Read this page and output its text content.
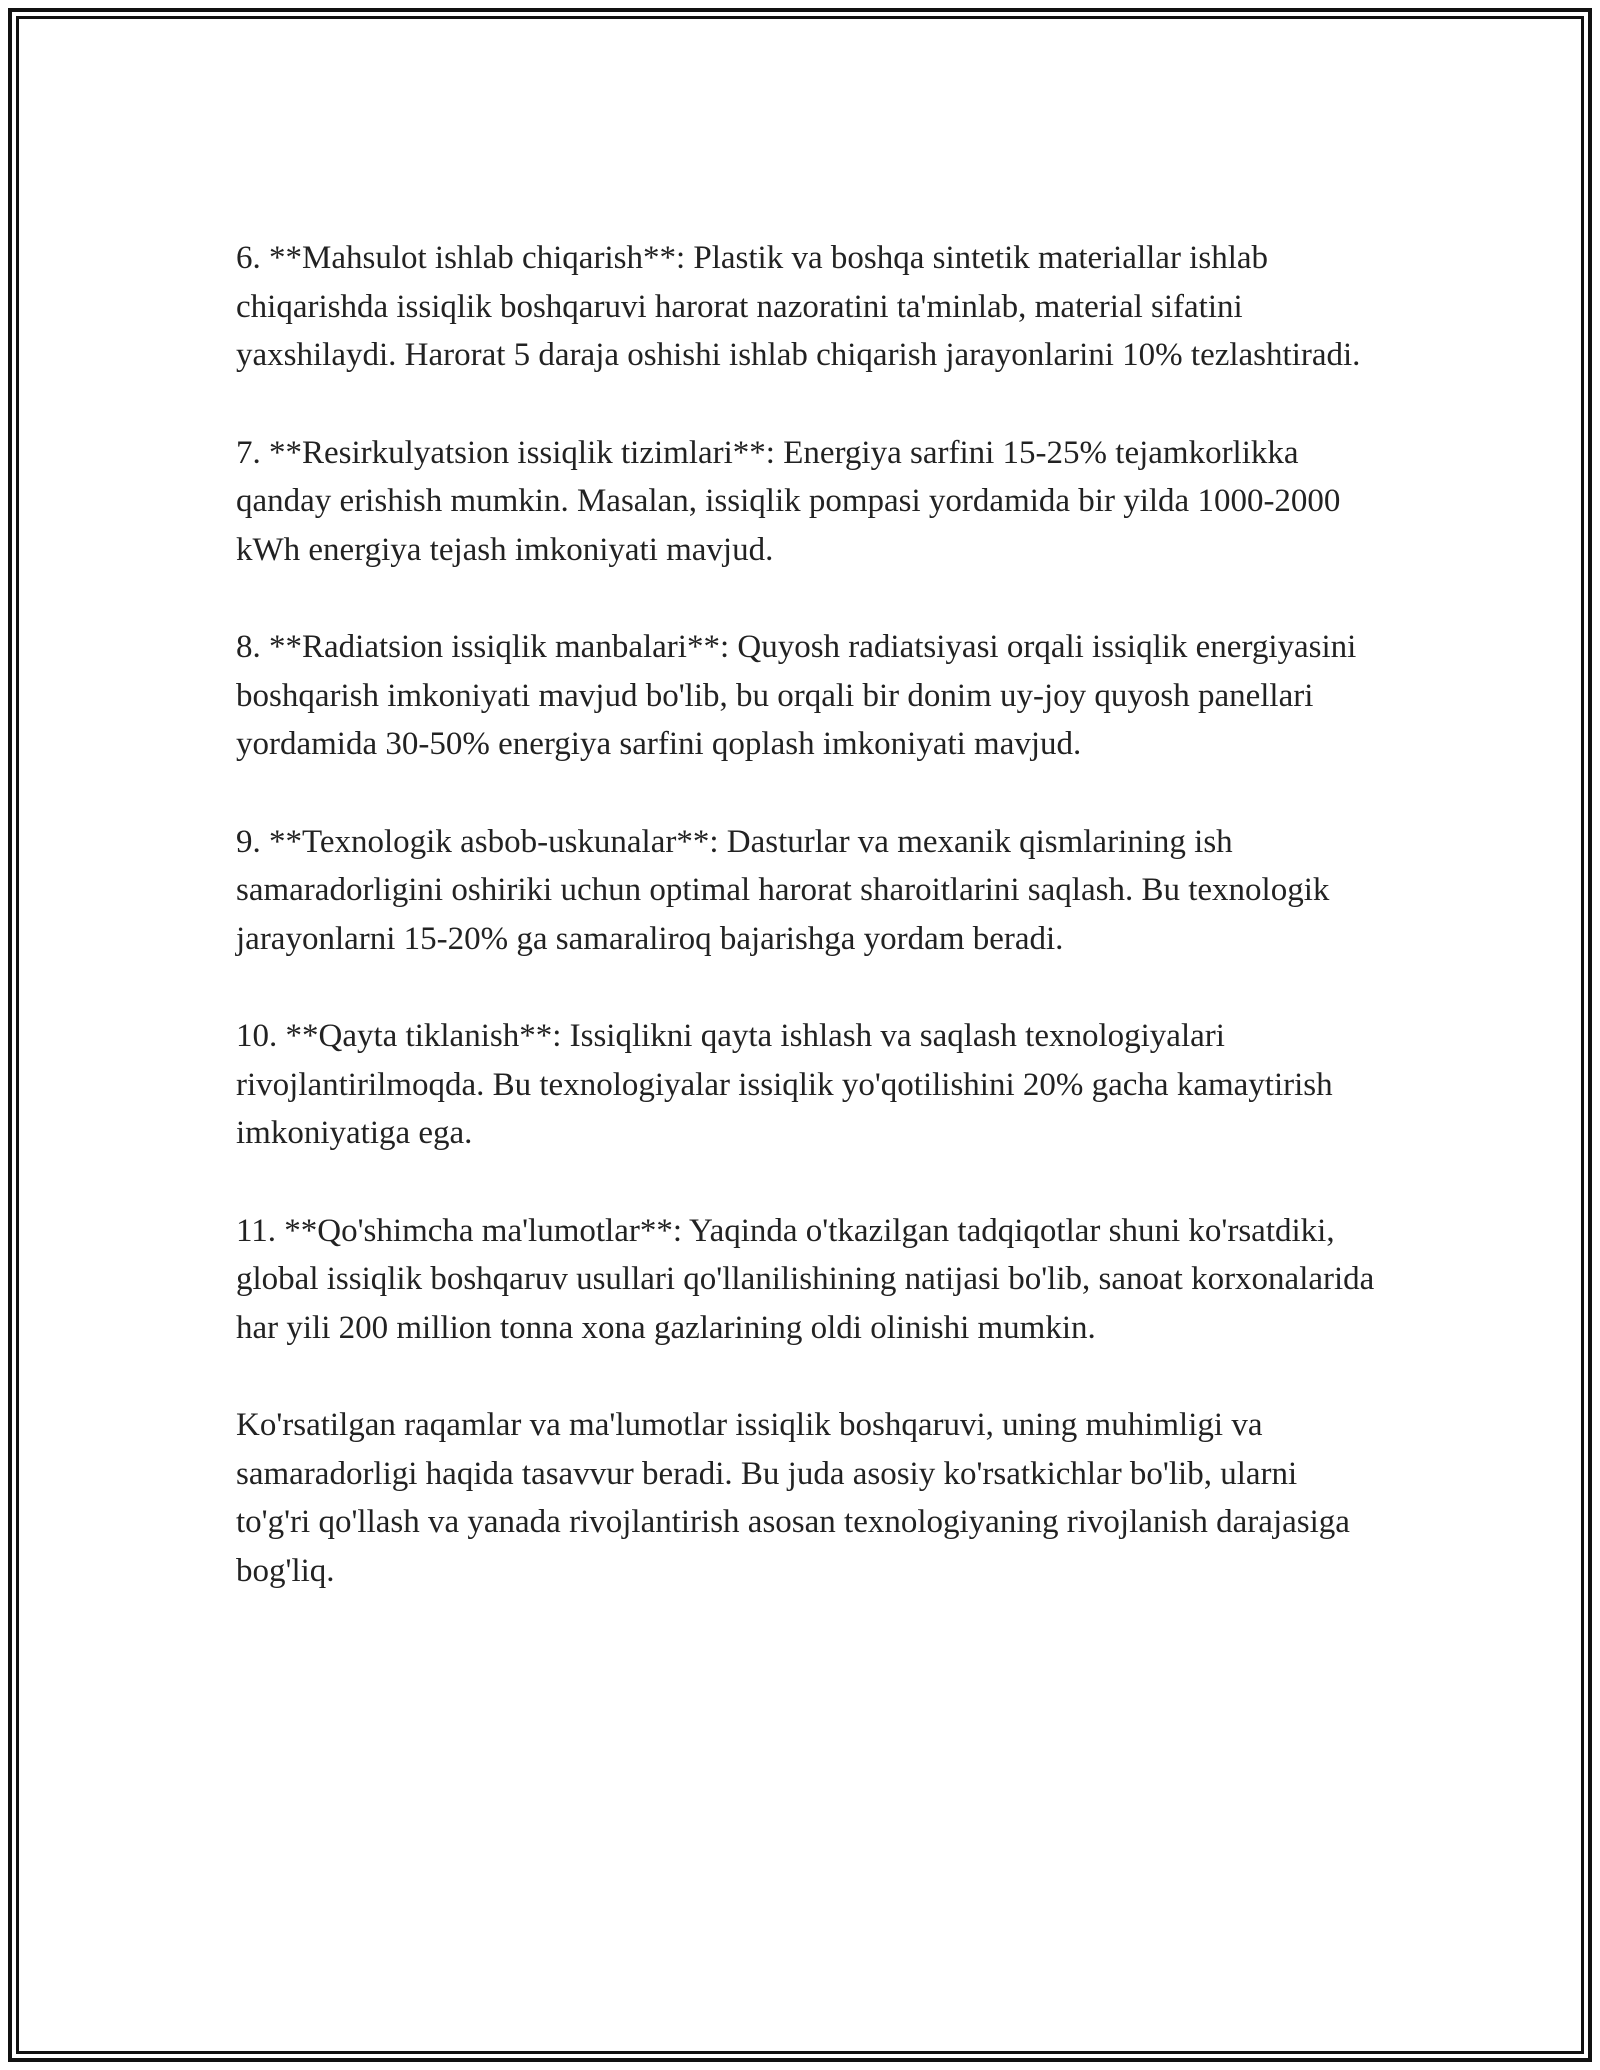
6. **Mahsulot ishlab chiqarish**: Plastik va boshqa sintetik materiallar ishlab chiqarishda issiqlik boshqaruvi harorat nazoratini ta'minlab, material sifatini yaxshilaydi. Harorat 5 daraja oshishi ishlab chiqarish jarayonlarini 10% tezlashtiradi.

7. **Resirkulyatsion issiqlik tizimlari**: Energiya sarfini 15-25% tejamkorlikka qanday erishish mumkin. Masalan, issiqlik pompasi yordamida bir yilda 1000-2000 kWh energiya tejash imkoniyati mavjud.

8. **Radiatsion issiqlik manbalari**: Quyosh radiatsiyasi orqali issiqlik energiyasini boshqarish imkoniyati mavjud bo'lib, bu orqali bir donim uy-joy quyosh panellari yordamida 30-50% energiya sarfini qoplash imkoniyati mavjud.

9. **Texnologik asbob-uskunalar**: Dasturlar va mexanik qismlarining ish samaradorligini oshiriki uchun optimal harorat sharoitlarini saqlash. Bu texnologik jarayonlarni 15-20% ga samaraliroq bajarishga yordam beradi.

10. **Qayta tiklanish**: Issiqlikni qayta ishlash va saqlash texnologiyalari rivojlantirilmoqda. Bu texnologiyalar issiqlik yo'qotilishini 20% gacha kamaytirish imkoniyatiga ega.

11. **Qo'shimcha ma'lumotlar**: Yaqinda o'tkazilgan tadqiqotlar shuni ko'rsatdiki, global issiqlik boshqaruv usullari qo'llanilishining natijasi bo'lib, sanoat korxonalarida har yili 200 million tonna xona gazlarining oldi olinishi mumkin.

Ko'rsatilgan raqamlar va ma'lumotlar issiqlik boshqaruvi, uning muhimligi va samaradorligi haqida tasavvur beradi. Bu juda asosiy ko'rsatkichlar bo'lib, ularni to'g'ri qo'llash va yanada rivojlantirish asosan texnologiyaning rivojlanish darajasiga bog'liq.
